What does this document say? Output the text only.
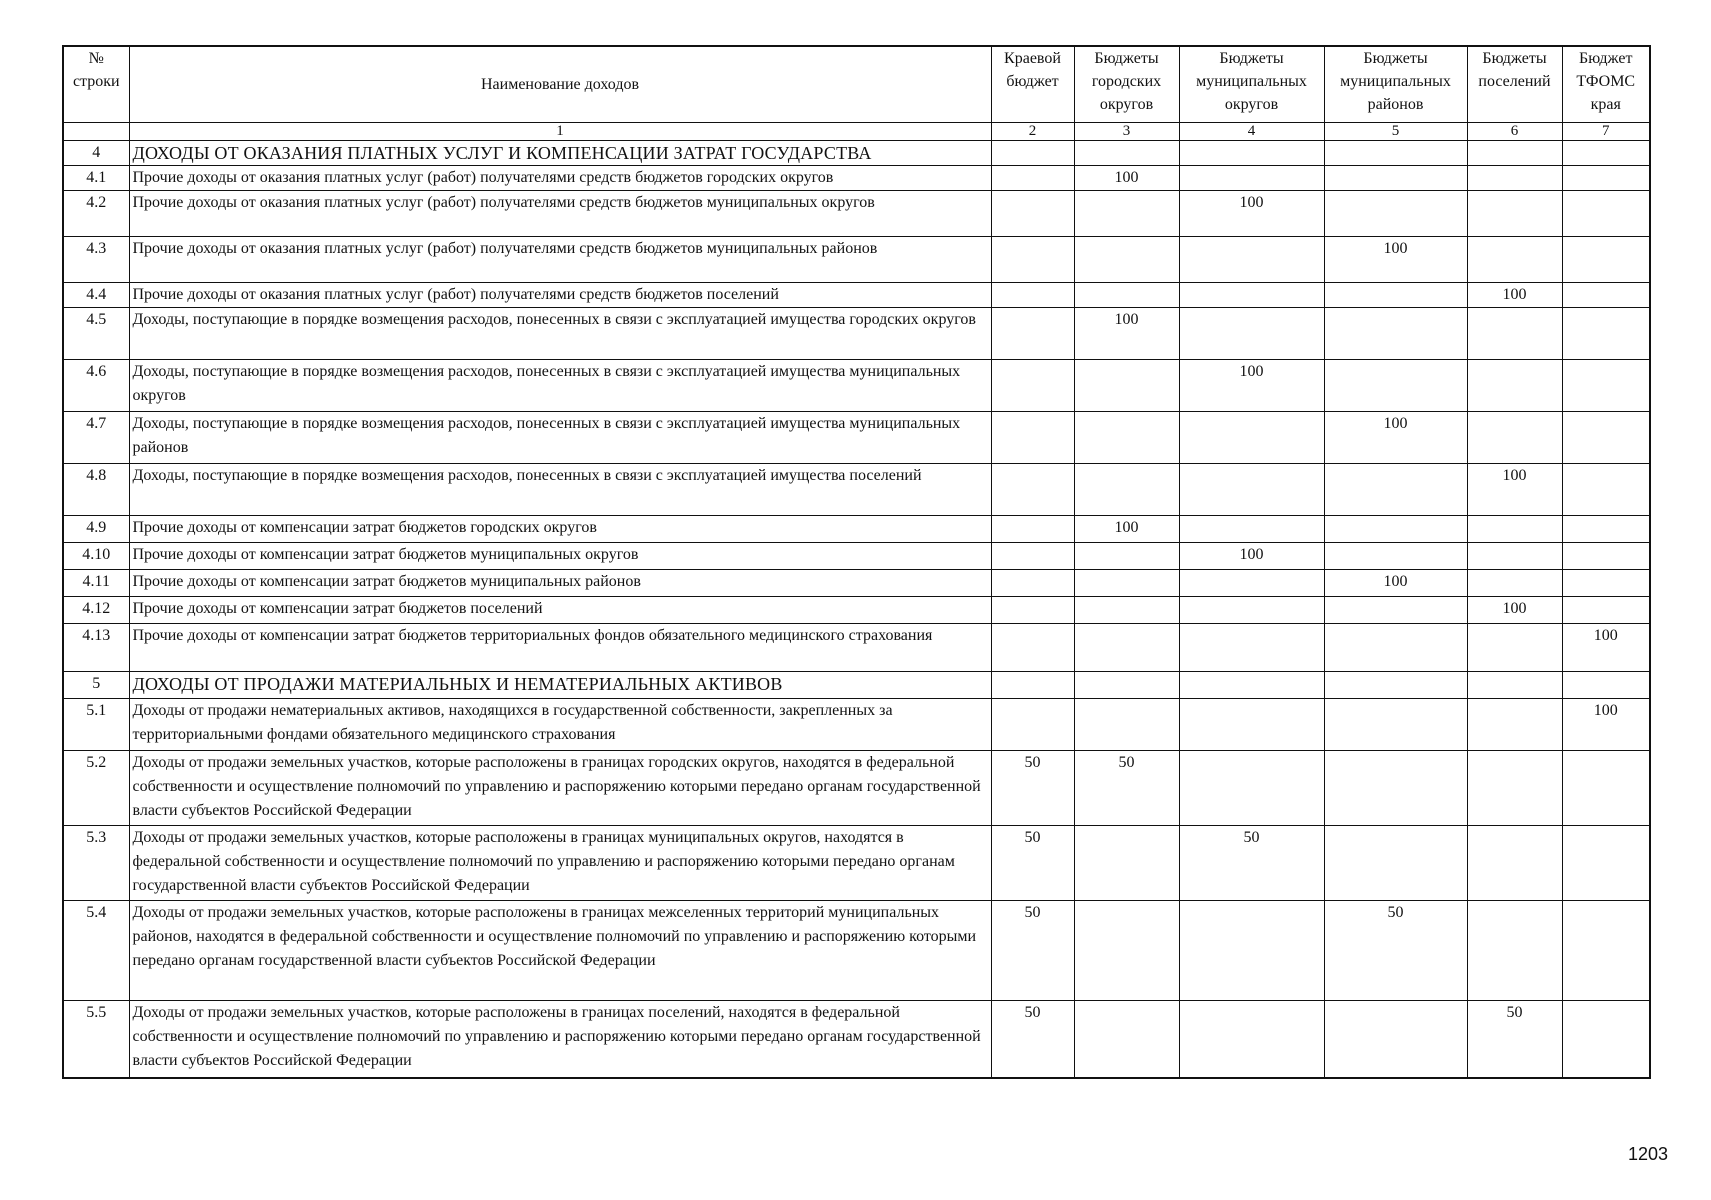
№ строки	Наименование доходов	Краевой бюджет	Бюджеты городских округов	Бюджеты муниципальных округов	Бюджеты муниципальных районов	Бюджеты поселений	Бюджет ТФОМС края
	1	2	3	4	5	6	7
4	ДОХОДЫ ОТ ОКАЗАНИЯ ПЛАТНЫХ УСЛУГ И КОМПЕНСАЦИИ ЗАТРАТ ГОСУДАРСТВА						
4.1	Прочие доходы от оказания платных услуг (работ) получателями средств бюджетов городских округов		100				
4.2	Прочие доходы от оказания платных услуг (работ) получателями средств бюджетов муниципальных округов			100			
4.3	Прочие доходы от оказания платных услуг (работ) получателями средств бюджетов муниципальных районов				100		
4.4	Прочие доходы от оказания платных услуг (работ) получателями средств бюджетов поселений					100	
4.5	Доходы, поступающие в порядке возмещения расходов, понесенных в связи с эксплуатацией имущества городских округов		100				
4.6	Доходы, поступающие в порядке возмещения расходов, понесенных в связи с эксплуатацией имущества муниципальных округов			100			
4.7	Доходы, поступающие в порядке возмещения расходов, понесенных в связи с эксплуатацией имущества муниципальных районов				100		
4.8	Доходы, поступающие в порядке возмещения расходов, понесенных в связи с эксплуатацией имущества поселений					100	
4.9	Прочие доходы от компенсации затрат бюджетов городских округов		100				
4.10	Прочие доходы от компенсации затрат бюджетов муниципальных округов			100			
4.11	Прочие доходы от компенсации затрат бюджетов муниципальных районов				100		
4.12	Прочие доходы от компенсации затрат бюджетов поселений					100	
4.13	Прочие доходы от компенсации затрат бюджетов территориальных фондов обязательного медицинского страхования						100
5	ДОХОДЫ ОТ ПРОДАЖИ МАТЕРИАЛЬНЫХ И НЕМАТЕРИАЛЬНЫХ АКТИВОВ						
5.1	Доходы от продажи нематериальных активов, находящихся в государственной собственности, закрепленных за территориальными фондами обязательного медицинского страхования						100
5.2	Доходы от продажи земельных участков, которые расположены в границах городских округов, находятся в федеральной собственности и осуществление полномочий по управлению и распоряжению которыми передано органам государственной власти субъектов Российской Федерации	50	50				
5.3	Доходы от продажи земельных участков, которые расположены в границах муниципальных округов, находятся в федеральной собственности и осуществление полномочий по управлению и распоряжению которыми передано органам государственной власти субъектов Российской Федерации	50		50			
5.4	Доходы от продажи земельных участков, которые расположены в границах межселенных территорий муниципальных районов, находятся в федеральной собственности и осуществление полномочий по управлению и распоряжению которыми передано органам государственной власти субъектов Российской Федерации	50			50		
5.5	Доходы от продажи земельных участков, которые расположены в границах поселений, находятся в федеральной собственности и осуществление полномочий по управлению и распоряжению которыми передано органам государственной власти субъектов Российской Федерации	50				50	
1203
